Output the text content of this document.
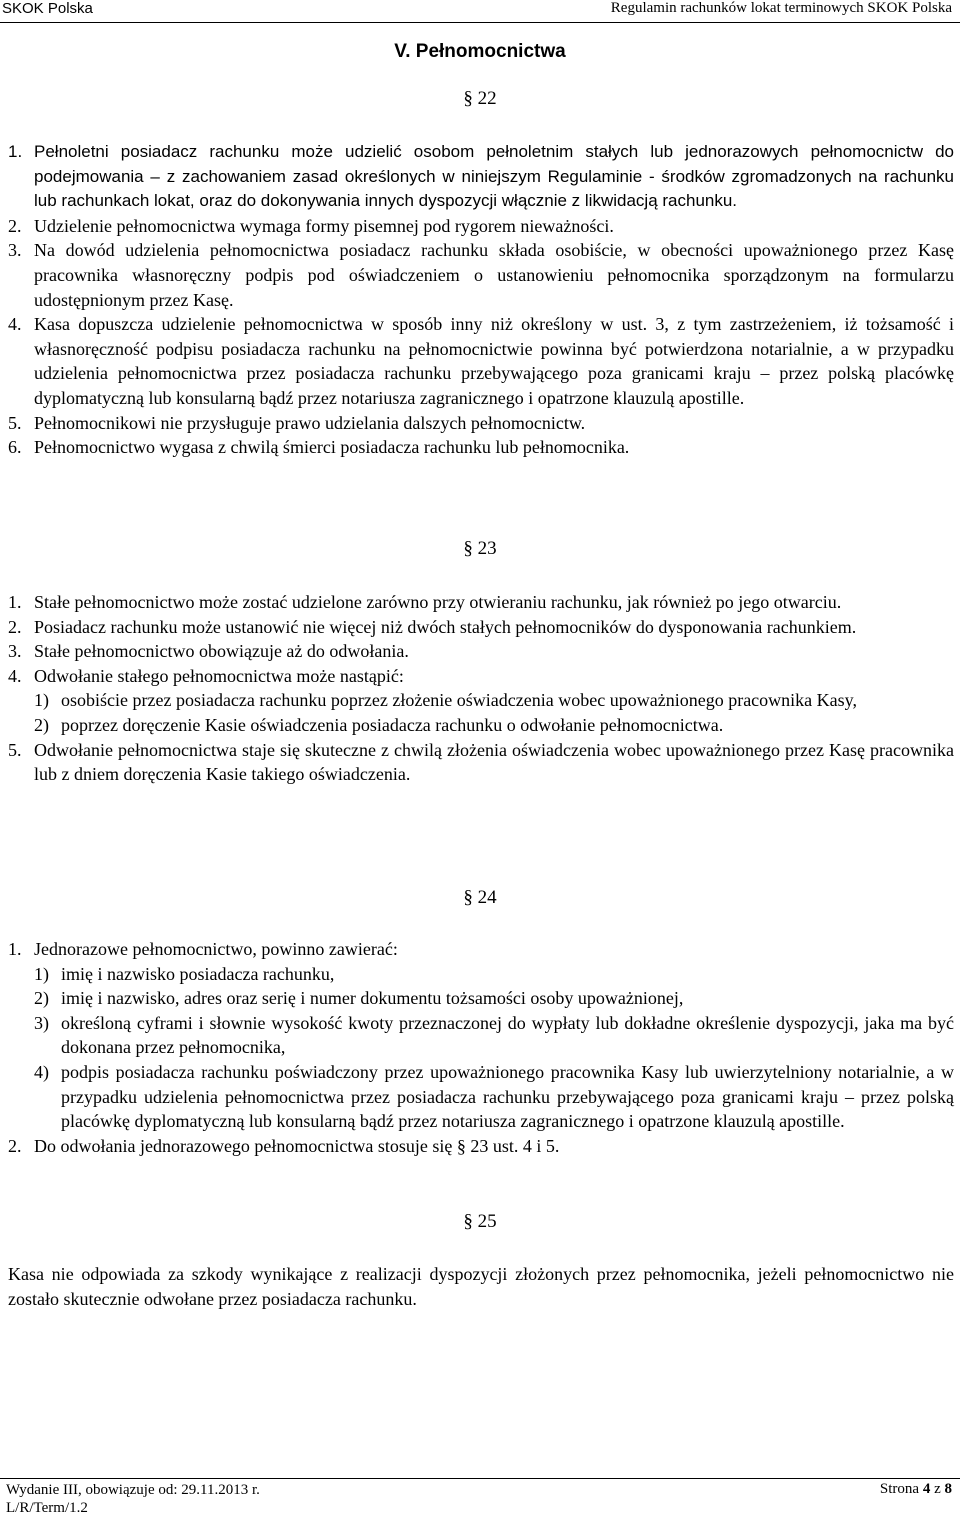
SKOK Polska	Regulamin rachunków lokat terminowych SKOK Polska
V. Pełnomocnictwa
§ 22
1. Pełnoletni posiadacz rachunku może udzielić osobom pełnoletnim stałych lub jednorazowych pełnomocnictw do podejmowania – z zachowaniem zasad określonych w niniejszym Regulaminie - środków zgromadzonych na rachunku lub rachunkach lokat, oraz do dokonywania innych dyspozycji włącznie z likwidacją rachunku.
2. Udzielenie pełnomocnictwa wymaga formy pisemnej pod rygorem nieważności.
3. Na dowód udzielenia pełnomocnictwa posiadacz rachunku składa osobiście, w obecności upoważnionego przez Kasę pracownika własnoręczny podpis pod oświadczeniem o ustanowieniu pełnomocnika sporządzonym na formularzu udostępnionym przez Kasę.
4. Kasa dopuszcza udzielenie pełnomocnictwa w sposób inny niż określony w ust. 3, z tym zastrzeżeniem, iż tożsamość i własnoręczność podpisu posiadacza rachunku na pełnomocnictwie powinna być potwierdzona notarialnie, a w przypadku udzielenia pełnomocnictwa przez posiadacza rachunku przebywającego poza granicami kraju – przez polską placówkę dyplomatyczną lub konsularną bądź przez notariusza zagranicznego i opatrzone klauzulą apostille.
5. Pełnomocnikowi nie przysługuje prawo udzielania dalszych pełnomocnictw.
6. Pełnomocnictwo wygasa z chwilą śmierci posiadacza rachunku lub pełnomocnika.
§ 23
1. Stałe pełnomocnictwo może zostać udzielone zarówno przy otwieraniu rachunku, jak również po jego otwarciu.
2. Posiadacz rachunku może ustanowić nie więcej niż dwóch stałych pełnomocników do dysponowania rachunkiem.
3. Stałe pełnomocnictwo obowiązuje aż do odwołania.
4. Odwołanie stałego pełnomocnictwa może nastąpić:
1) osobiście przez posiadacza rachunku poprzez złożenie oświadczenia wobec upoważnionego pracownika Kasy,
2) poprzez doręczenie Kasie oświadczenia posiadacza rachunku o odwołanie pełnomocnictwa.
5. Odwołanie pełnomocnictwa staje się skuteczne z chwilą złożenia oświadczenia wobec upoważnionego przez Kasę pracownika lub z dniem doręczenia Kasie takiego oświadczenia.
§ 24
1. Jednorazowe pełnomocnictwo, powinno zawierać:
1) imię i nazwisko posiadacza rachunku,
2) imię i nazwisko, adres oraz serię i numer dokumentu tożsamości osoby upoważnionej,
3) określoną cyframi i słownie wysokość kwoty przeznaczonej do wypłaty lub dokładne określenie dyspozycji, jaka ma być dokonana przez pełnomocnika,
4) podpis posiadacza rachunku poświadczony przez upoważnionego pracownika Kasy lub uwierzytelniony notarialnie, a w przypadku udzielenia pełnomocnictwa przez posiadacza rachunku przebywającego poza granicami kraju – przez polską placówkę dyplomatyczną lub konsularną bądź przez notariusza zagranicznego i opatrzone klauzulą apostille.
2. Do odwołania jednorazowego pełnomocnictwa stosuje się § 23 ust. 4 i 5.
§ 25
Kasa nie odpowiada za szkody wynikające z realizacji dyspozycji złożonych przez pełnomocnika, jeżeli pełnomocnictwo nie zostało skutecznie odwołane przez posiadacza rachunku.
Wydanie III, obowiązuje od: 29.11.2013 r.
L/R/Term/1.2
Strona 4 z 8
